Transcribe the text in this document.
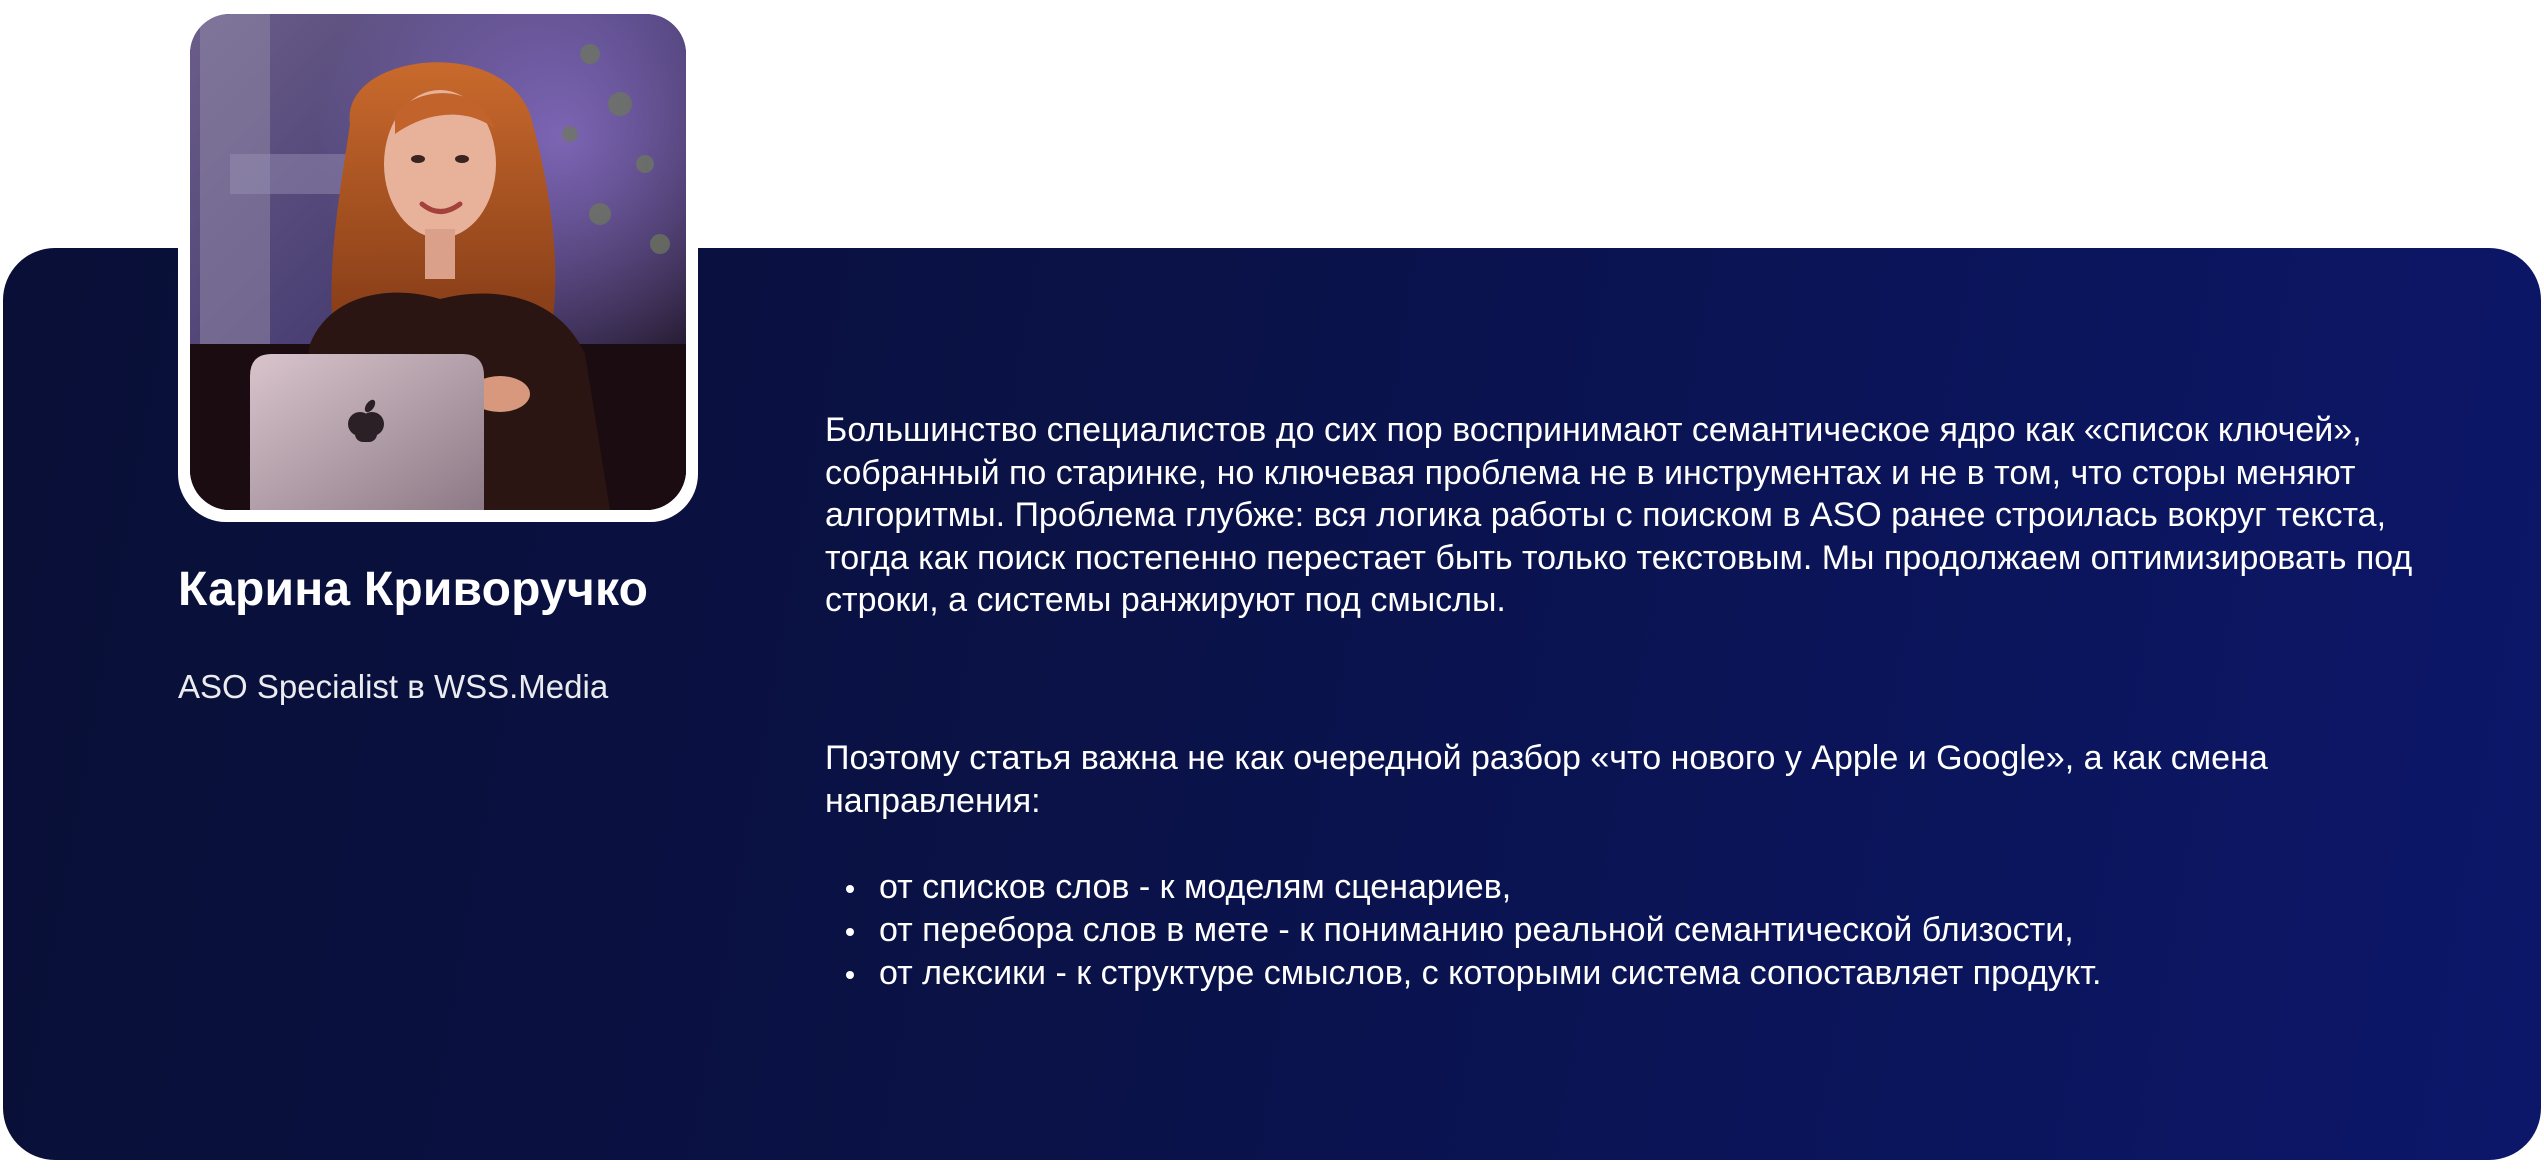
Карина Криворучко
ASO Specialist в WSS.Media

Большинство специалистов до сих пор воспринимают семантическое ядро как «список ключей», собранный по старинке, но ключевая проблема не в инструментах и не в том, что сторы меняют алгоритмы. Проблема глубже: вся логика работы с поиском в ASO ранее строилась вокруг текста, тогда как поиск постепенно перестает быть только текстовым. Мы продолжаем оптимизировать под строки, а системы ранжируют под смыслы.

Поэтому статья важна не как очередной разбор «что нового у Apple и Google», а как смена направления:

от списков слов - к моделям сценариев,
от перебора слов в мете - к пониманию реальной семантической близости,
от лексики - к структуре смыслов, с которыми система сопоставляет продукт.
